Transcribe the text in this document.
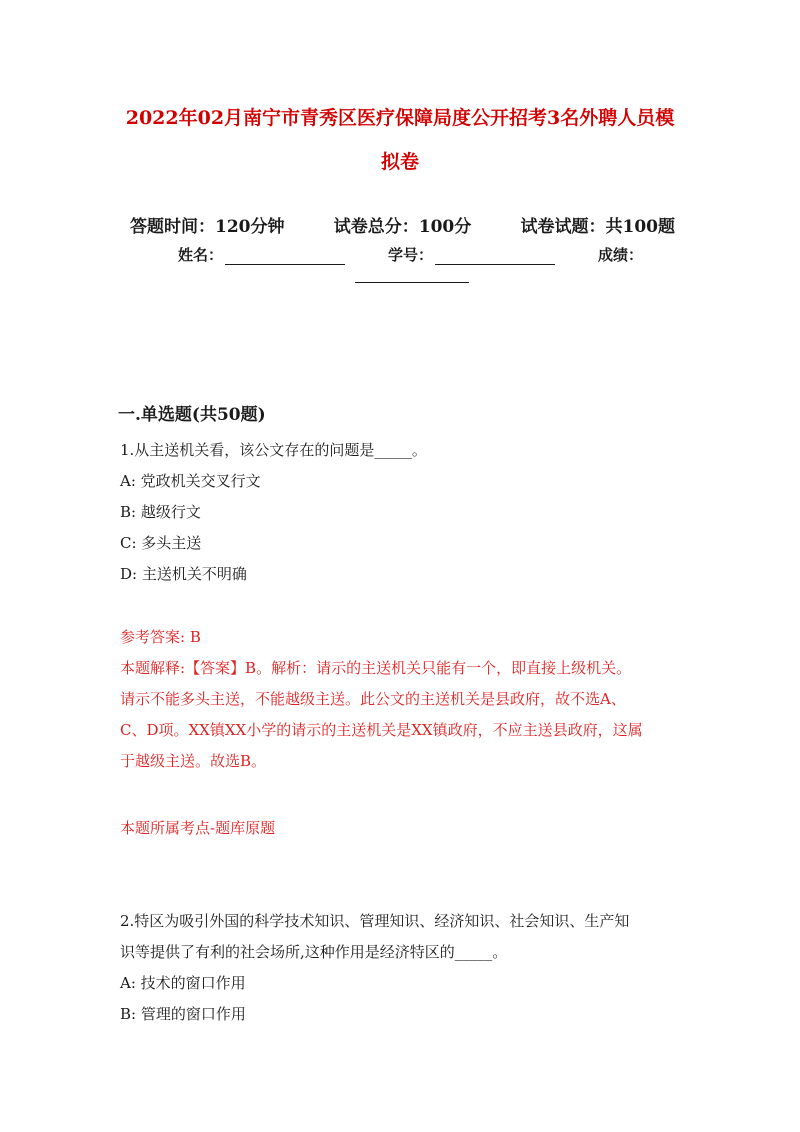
2022年02月南宁市青秀区医疗保障局度公开招考3名外聘人员模
拟卷
答题时间：120分钟	试卷总分：100分	试卷试题：共100题
姓名：	学号：	成绩：
一.单选题(共50题)
1.从主送机关看，该公文存在的问题是_____。
A: 党政机关交叉行文
B: 越级行文
C: 多头主送
D: 主送机关不明确
参考答案: B
本题解释:【答案】B。解析：请示的主送机关只能有一个，即直接上级机关。
请示不能多头主送，不能越级主送。此公文的主送机关是县政府，故不选A、
C、D项。XX镇XX小学的请示的主送机关是XX镇政府，不应主送县政府，这属
于越级主送。故选B。
本题所属考点-题库原题
2.特区为吸引外国的科学技术知识、管理知识、经济知识、社会知识、生产知
识等提供了有利的社会场所,这种作用是经济特区的_____。
A: 技术的窗口作用
B: 管理的窗口作用
